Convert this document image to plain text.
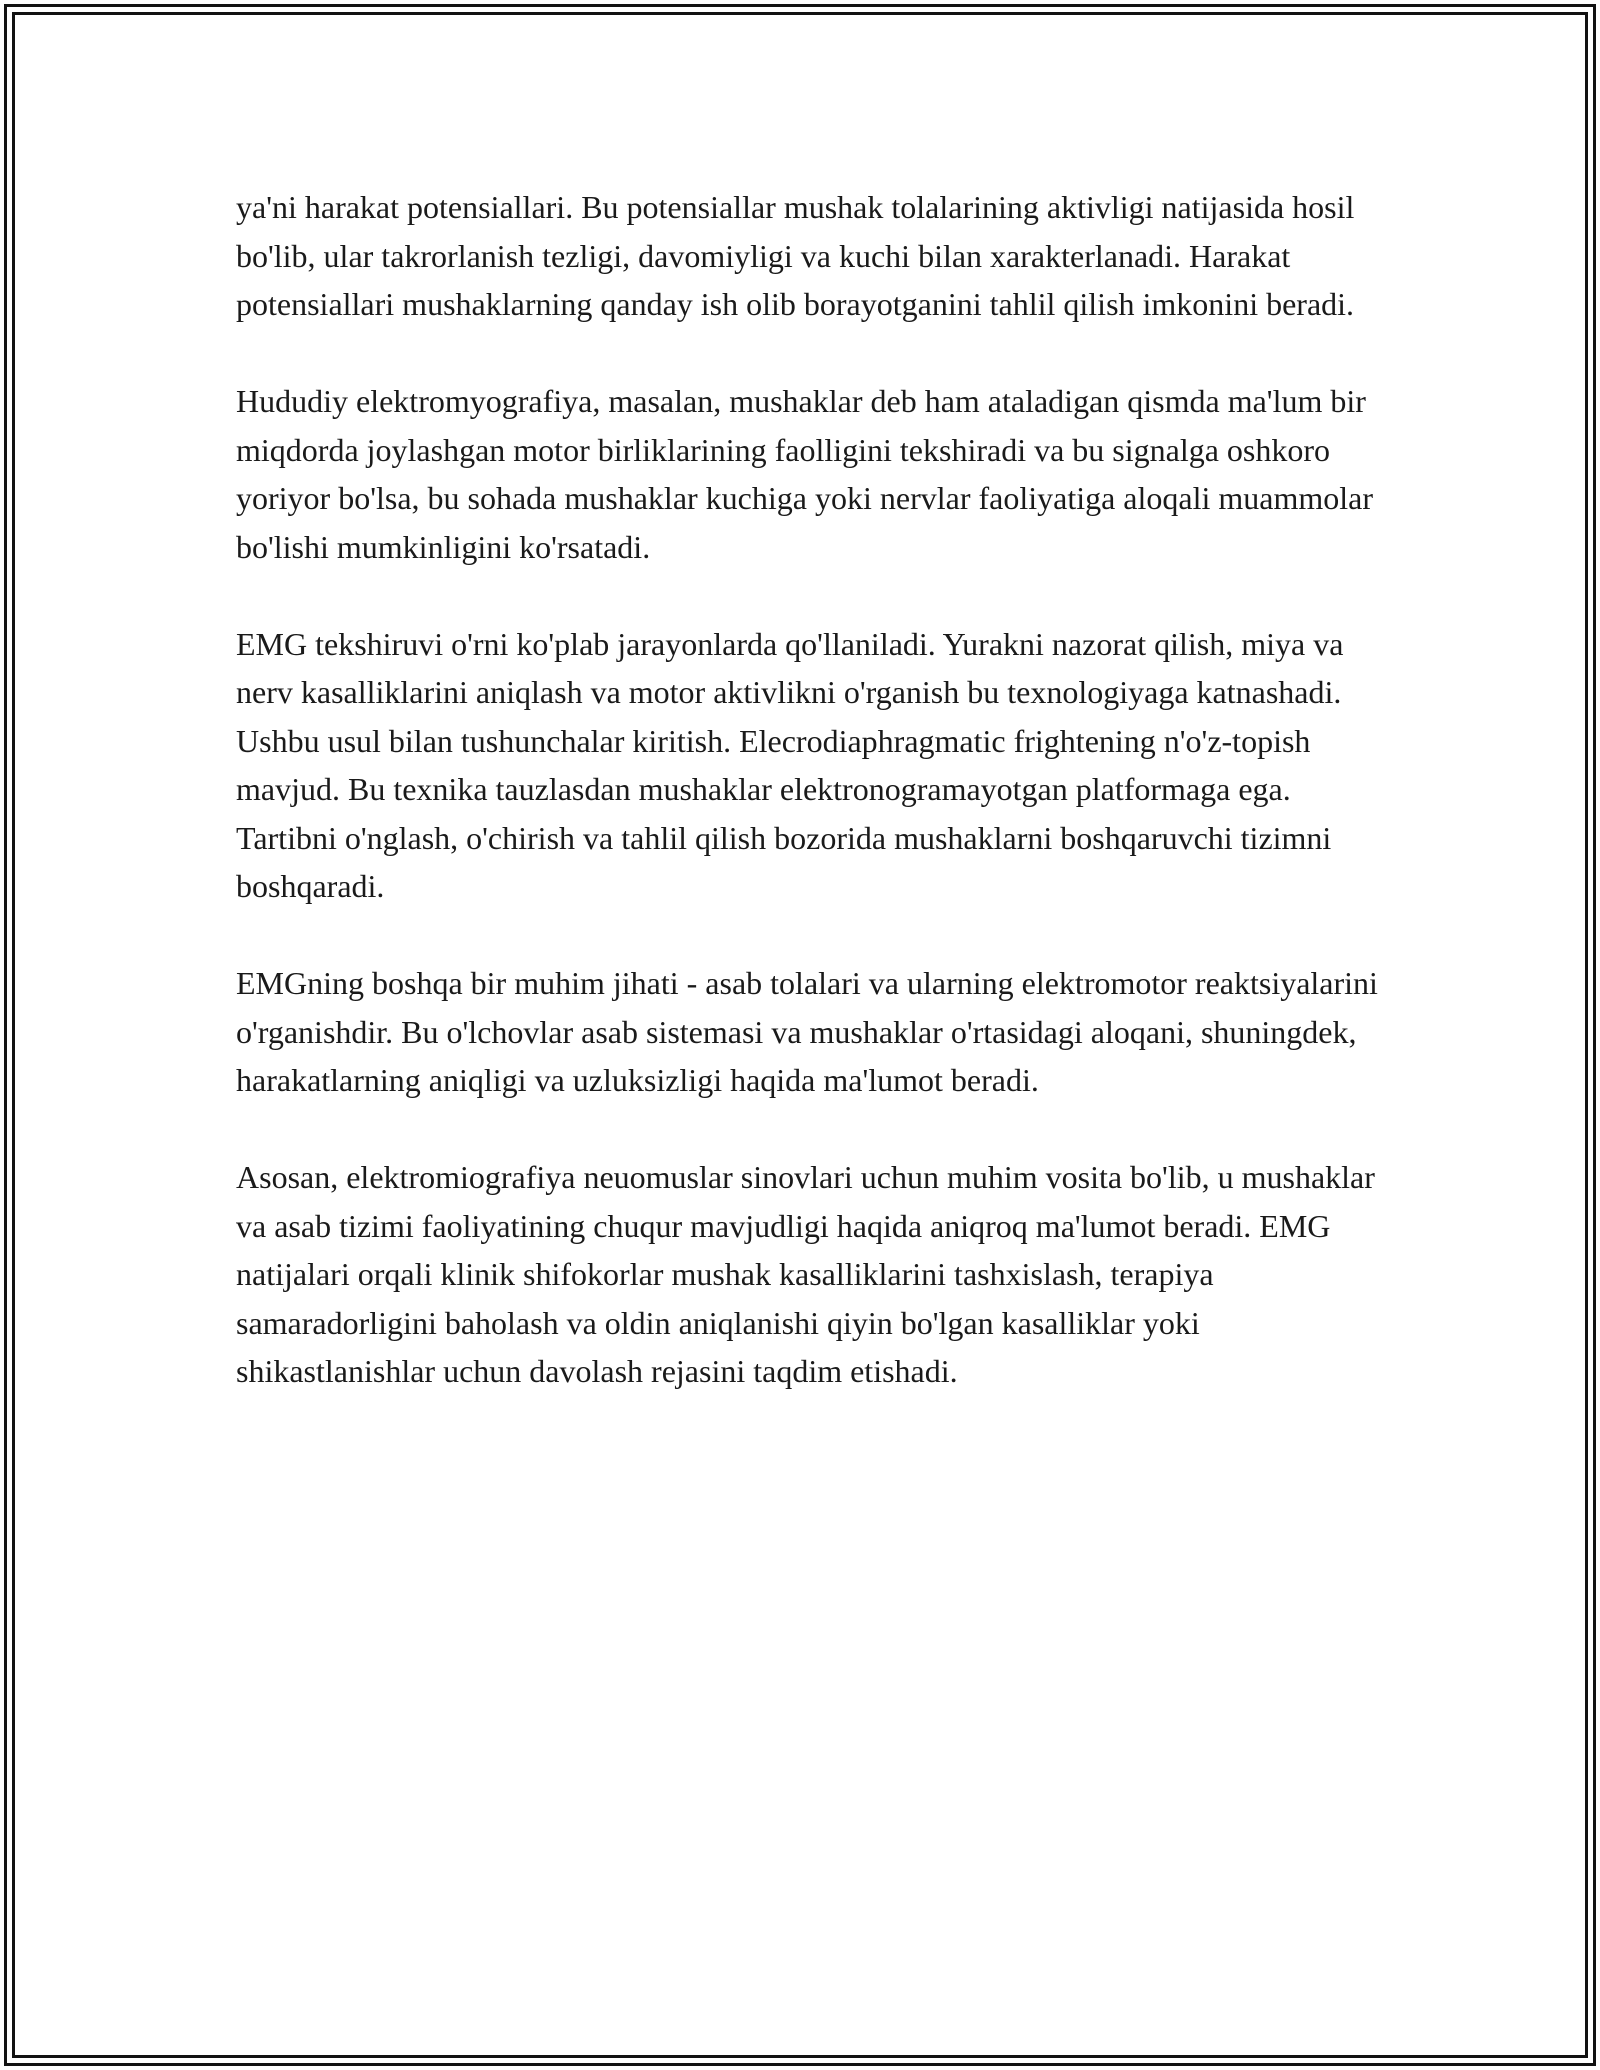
ya'ni harakat potensiallari. Bu potensiallar mushak tolalarining aktivligi natijasida hosil bo'lib, ular takrorlanish tezligi, davomiyligi va kuchi bilan xarakterlanadi. Harakat potensiallari mushaklarning qanday ish olib borayotganini tahlil qilish imkonini beradi.

Hududiy elektromyografiya, masalan, mushaklar deb ham ataladigan qismda ma'lum bir miqdorda joylashgan motor birliklarining faolligini tekshiradi va bu signalga oshkoro yoriyor bo'lsa, bu sohada mushaklar kuchiga yoki nervlar faoliyatiga aloqali muammolar bo'lishi mumkinligini ko'rsatadi.

EMG tekshiruvi o'rni ko'plab jarayonlarda qo'llaniladi. Yurakni nazorat qilish, miya va nerv kasalliklarini aniqlash va motor aktivlikni o'rganish bu texnologiyaga katnashadi. Ushbu usul bilan tushunchalar kiritish. Elecrodiaphragmatic frightening n'o'z-topish mavjud. Bu texnika tauzlasdan mushaklar elektronogramayotgan platformaga ega. Tartibni o'nglash, o'chirish va tahlil qilish bozorida mushaklarni boshqaruvchi tizimni boshqaradi.

EMGning boshqa bir muhim jihati - asab tolalari va ularning elektromotor reaktsiyalarini o'rganishdir. Bu o'lchovlar asab sistemasi va mushaklar o'rtasidagi aloqani, shuningdek, harakatlarning aniqligi va uzluksizligi haqida ma'lumot beradi.

Asosan, elektromiografiya neuomuslar sinovlari uchun muhim vosita bo'lib, u mushaklar va asab tizimi faoliyatining chuqur mavjudligi haqida aniqroq ma'lumot beradi. EMG natijalari orqali klinik shifokorlar mushak kasalliklarini tashxislash, terapiya samaradorligini baholash va oldin aniqlanishi qiyin bo'lgan kasalliklar yoki shikastlanishlar uchun davolash rejasini taqdim etishadi.
